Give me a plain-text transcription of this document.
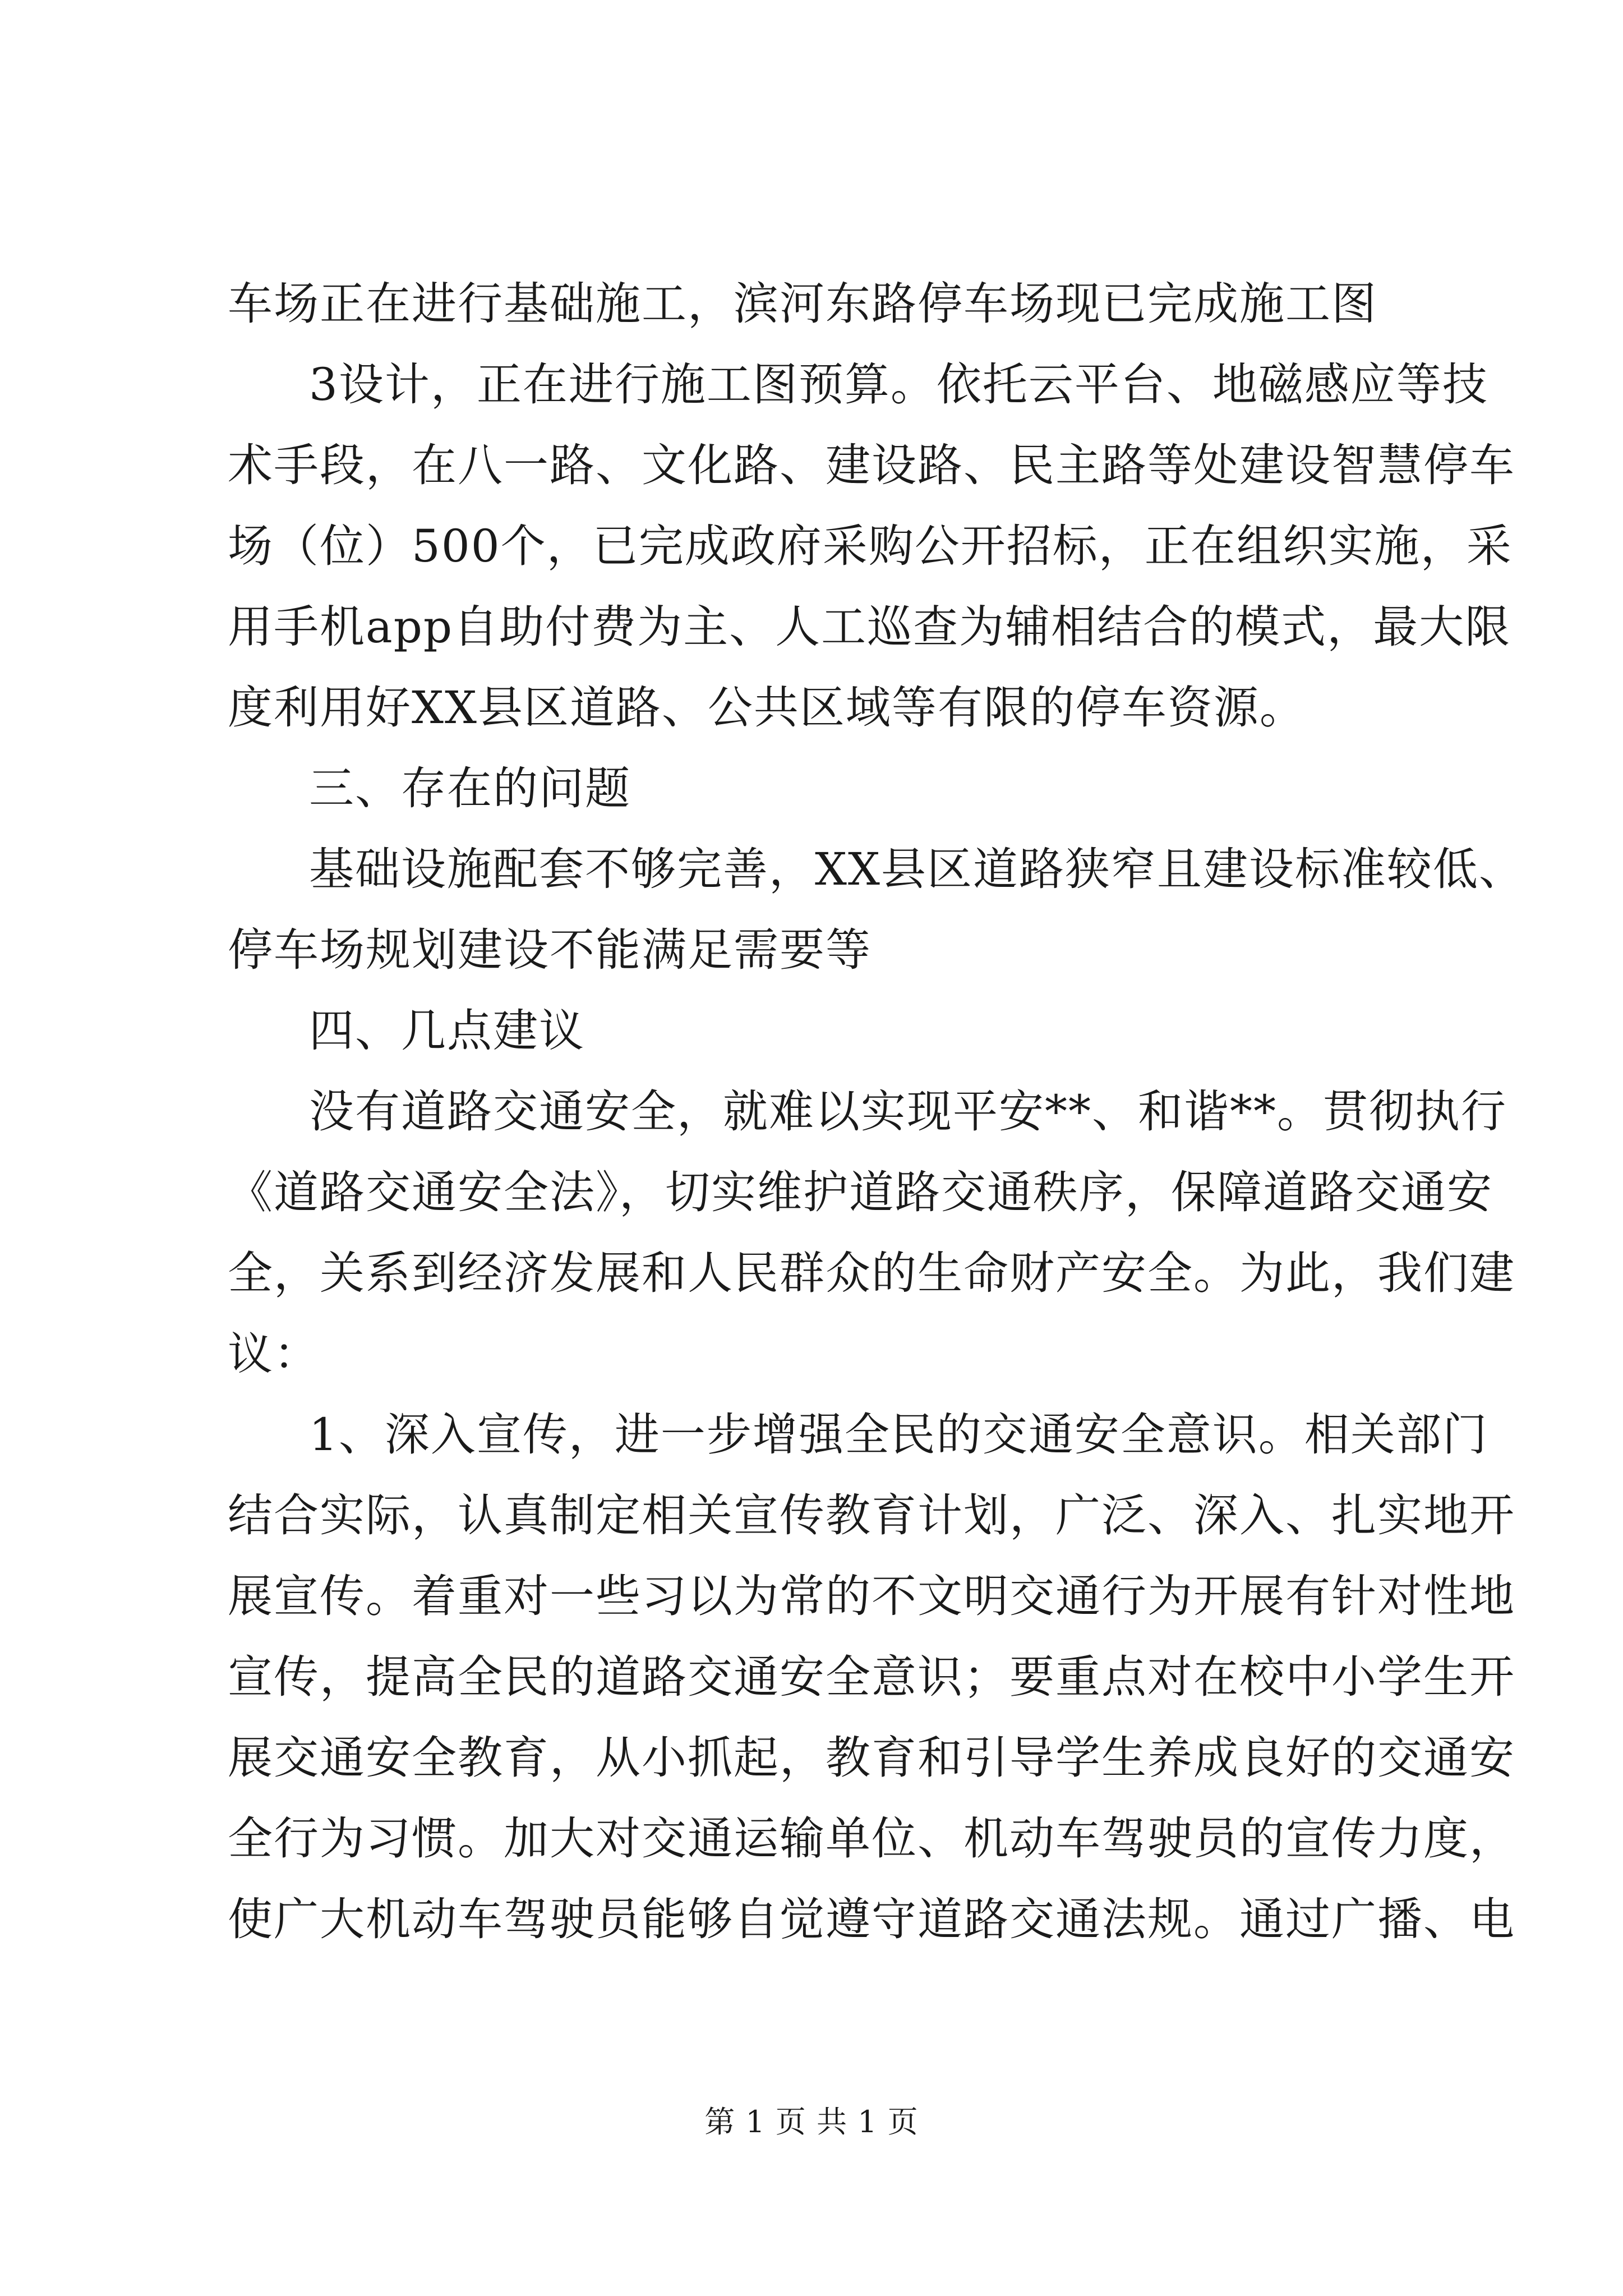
车场正在进行基础施工，滨河东路停车场现已完成施工图
3设计，正在进行施工图预算。依托云平台、地磁感应等技
术手段，在八一路、文化路、建设路、民主路等处建设智慧停车
场（位）500个，已完成政府采购公开招标，正在组织实施，采
用手机app自助付费为主、人工巡查为辅相结合的模式，最大限
度利用好XX县区道路、公共区域等有限的停车资源。
三、存在的问题
基础设施配套不够完善，XX县区道路狭窄且建设标准较低、
停车场规划建设不能满足需要等
四、几点建议
没有道路交通安全，就难以实现平安**、和谐**。贯彻执行
《道路交通安全法》，切实维护道路交通秩序，保障道路交通安
全，关系到经济发展和人民群众的生命财产安全。为此，我们建
议：
1、深入宣传，进一步增强全民的交通安全意识。相关部门
结合实际，认真制定相关宣传教育计划，广泛、深入、扎实地开
展宣传。着重对一些习以为常的不文明交通行为开展有针对性地
宣传，提高全民的道路交通安全意识；要重点对在校中小学生开
展交通安全教育，从小抓起，教育和引导学生养成良好的交通安
全行为习惯。加大对交通运输单位、机动车驾驶员的宣传力度，
使广大机动车驾驶员能够自觉遵守道路交通法规。通过广播、电
第 1 页 共 1 页
